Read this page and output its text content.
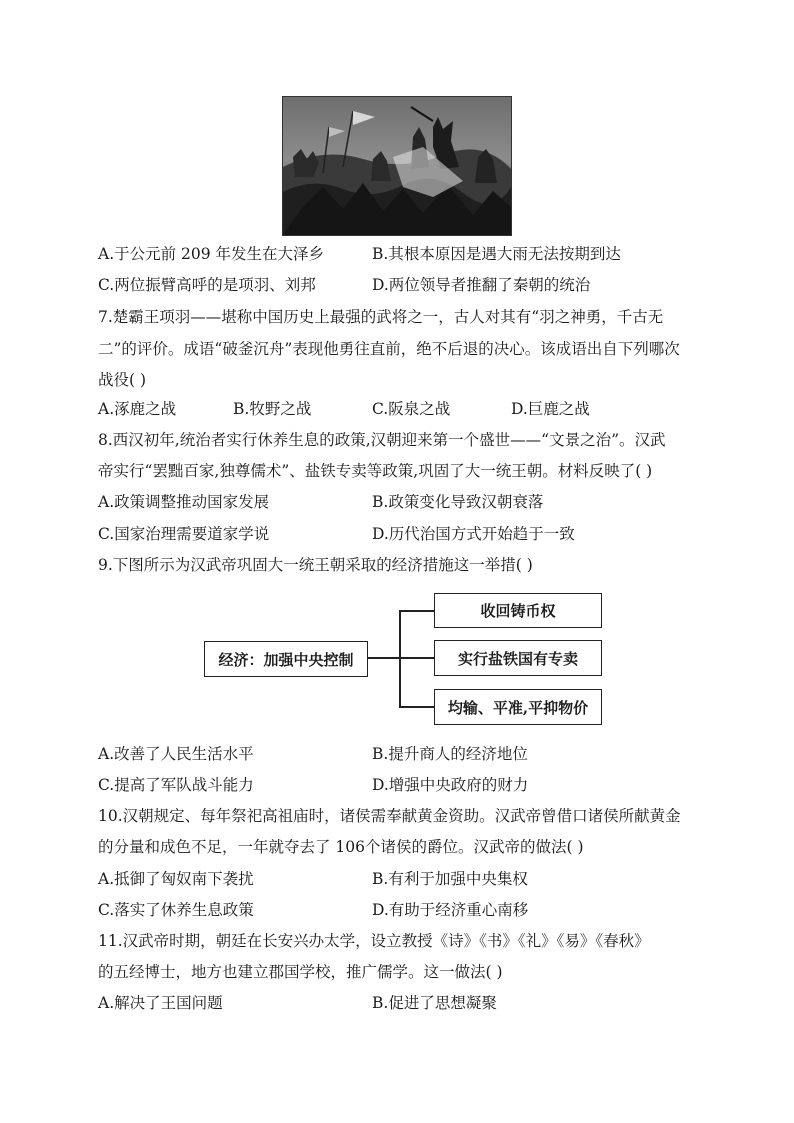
A.于公元前 209 年发生在大泽乡	B.其根本原因是遇大雨无法按期到达
C.两位振臂高呼的是项羽、刘邦	D.两位领导者推翻了秦朝的统治
7.楚霸王项羽——堪称中国历史上最强的武将之一，古人对其有“羽之神勇，千古无
二”的评价。成语“破釜沉舟”表现他勇往直前，绝不后退的决心。该成语出自下列哪次
战役( )
A.涿鹿之战	B.牧野之战	C.阪泉之战	D.巨鹿之战
8.西汉初年,统治者实行休养生息的政策,汉朝迎来第一个盛世——“文景之治”。汉武
帝实行“罢黜百家,独尊儒术”、盐铁专卖等政策,巩固了大一统王朝。材料反映了( )
A.政策调整推动国家发展	B.政策变化导致汉朝衰落
C.国家治理需要道家学说	D.历代治国方式开始趋于一致
9.下图所示为汉武帝巩固大一统王朝采取的经济措施这一举措( )
经济：加强中央控制
收回铸币权
实行盐铁国有专卖
均输、平准,平抑物价
A.改善了人民生活水平	B.提升商人的经济地位
C.提高了军队战斗能力	D.增强中央政府的财力
10.汉朝规定、每年祭祀高祖庙时，诸侯需奉献黄金资助。汉武帝曾借口诸侯所献黄金
的分量和成色不足，一年就夺去了 106个诸侯的爵位。汉武帝的做法( )
A.抵御了匈奴南下袭扰	B.有利于加强中央集权
C.落实了休养生息政策	D.有助于经济重心南移
11.汉武帝时期，朝廷在长安兴办太学，设立教授《诗》《书》《礼》《易》《春秋》
的五经博士，地方也建立郡国学校，推广儒学。这一做法( )
A.解决了王国问题	B.促进了思想凝聚
